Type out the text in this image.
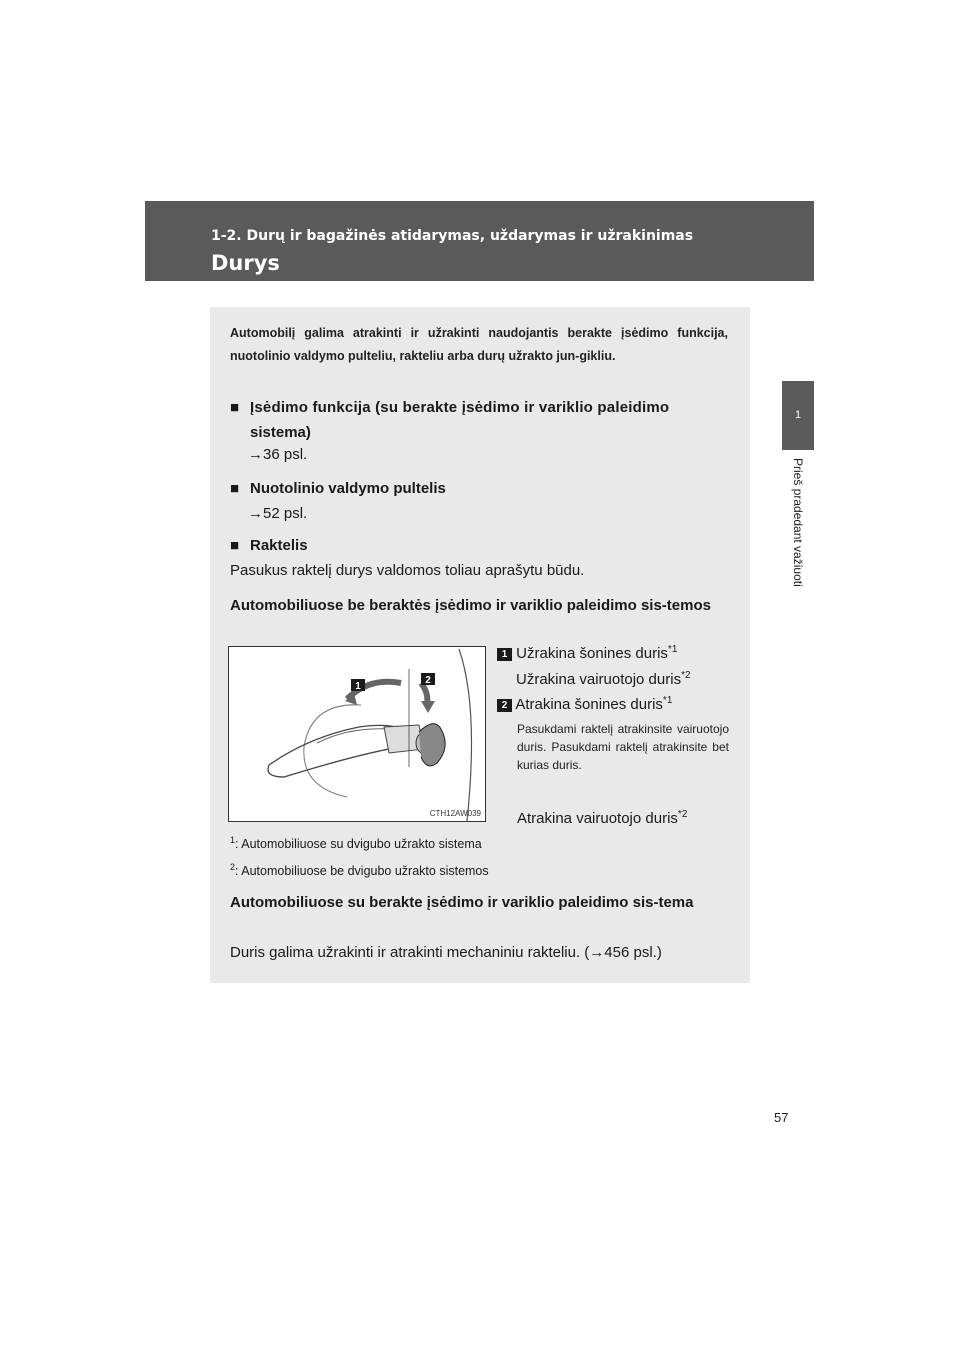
1-2. Durų ir bagažinės atidarymas, uždarymas ir užrakinimas
Durys
1
Prieš pradedant važiuoti
Automobilį galima atrakinti ir užrakinti naudojantis berakte įsėdimo funkcija, nuotolinio valdymo pulteliu, rakteliu arba durų užrakto jun-gikliu.
■ Įsėdimo funkcija (su berakte įsėdimo ir variklio paleidimo
sistema)
→36 psl.
■ Nuotolinio valdymo pultelis
→52 psl.
■ Raktelis
Pasukus raktelį durys valdomos toliau aprašytu būdu.
Automobiliuose be beraktės įsėdimo ir variklio paleidimo sis-temos
1
2
CTH12AW039
1 Užrakina šonines duris$^{*1}$
Užrakina vairuotojo duris$^{*2}$
2 Atrakina šonines duris$^{*1}$
Pasukdami raktelį atrakinsite vairuotojo duris. Pasukdami raktelį atrakinsite bet kurias duris.
Atrakina vairuotojo duris$^{*2}$
$^1$: Automobiliuose su dvigubo užrakto sistema
$^2$: Automobiliuose be dvigubo užrakto sistemos
Automobiliuose su berakte įsėdimo ir variklio paleidimo sis-tema
Duris galima užrakinti ir atrakinti mechaniniu rakteliu. (→456 psl.)
57
